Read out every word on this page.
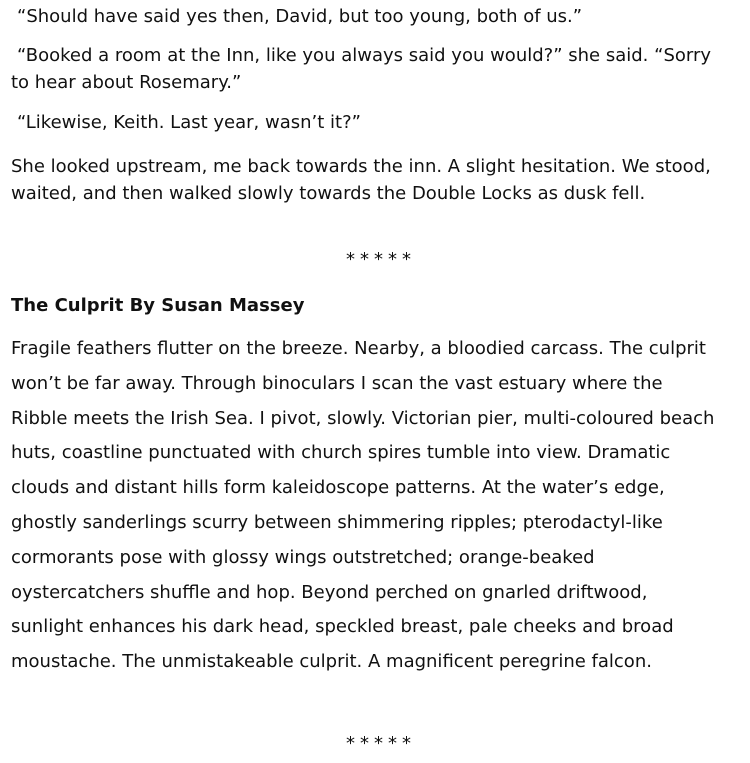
“Should have said yes then, David, but too young, both of us.”

“Booked a room at the Inn, like you always said you would?” she said. “Sorry to hear about Rosemary.”

“Likewise, Keith. Last year, wasn’t it?”

She looked upstream, me back towards the inn. A slight hesitation. We stood, waited, and then walked slowly towards the Double Locks as dusk fell.

*****
The Culprit By Susan Massey

Fragile feathers flutter on the breeze. Nearby, a bloodied carcass. The culprit won’t be far away. Through binoculars I scan the vast estuary where the Ribble meets the Irish Sea. I pivot, slowly. Victorian pier, multi-coloured beach huts, coastline punctuated with church spires tumble into view. Dramatic clouds and distant hills form kaleidoscope patterns. At the water’s edge, ghostly sanderlings scurry between shimmering ripples; pterodactyl-like cormorants pose with glossy wings outstretched; orange-beaked oystercatchers shuffle and hop. Beyond perched on gnarled driftwood, sunlight enhances his dark head, speckled breast, pale cheeks and broad moustache. The unmistakeable culprit. A magnificent peregrine falcon.

*****
